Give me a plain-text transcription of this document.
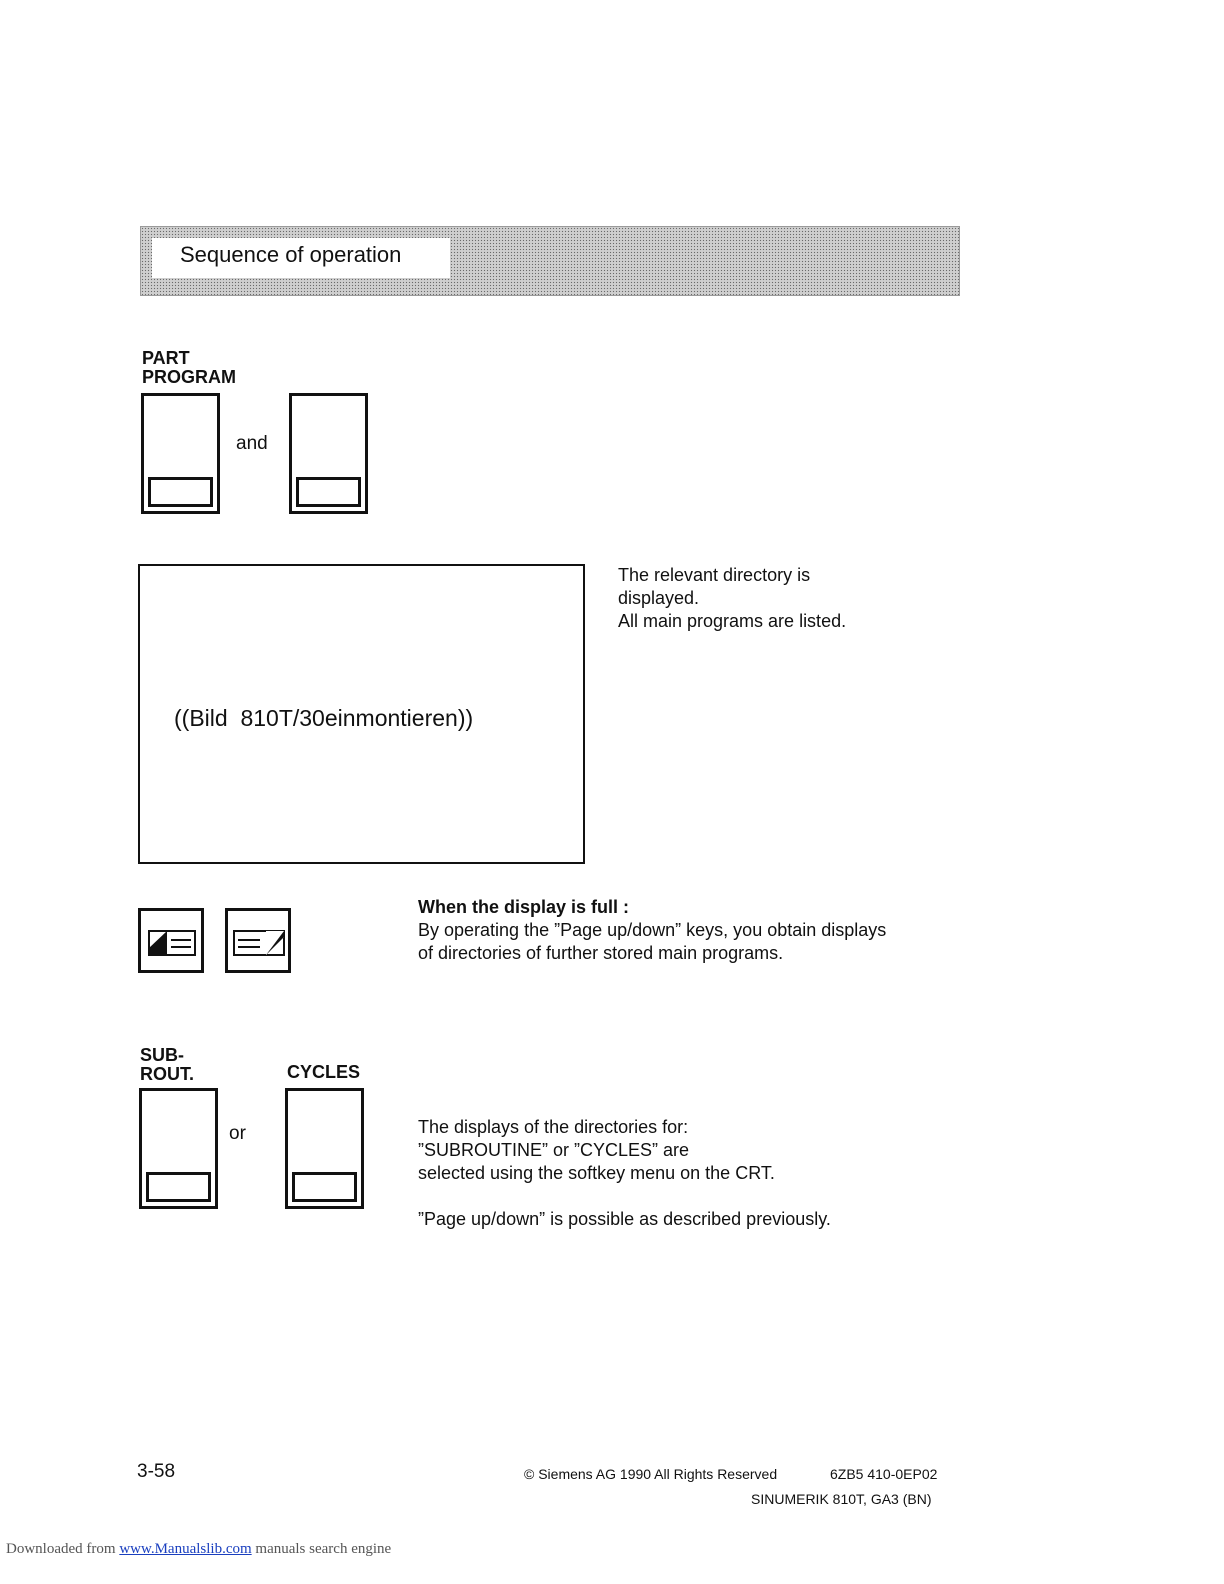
Sequence of operation
PART
PROGRAM
and
((Bild  810T/30einmontieren))
The relevant directory is
displayed.
All main programs are listed.
When the display is full :
By operating the ”Page up/down” keys, you obtain displays
of directories of further stored main programs.
SUB-
ROUT.	CYCLES
or	The displays of the directories for:
”SUBROUTINE” or ”CYCLES” are
selected using the softkey menu on the CRT.
”Page up/down” is possible as described previously.
3-58	© Siemens AG 1990 All Rights Reserved	6ZB5 410-0EP02
SINUMERIK 810T, GA3 (BN)
Downloaded from www.Manualslib.com manuals search engine
